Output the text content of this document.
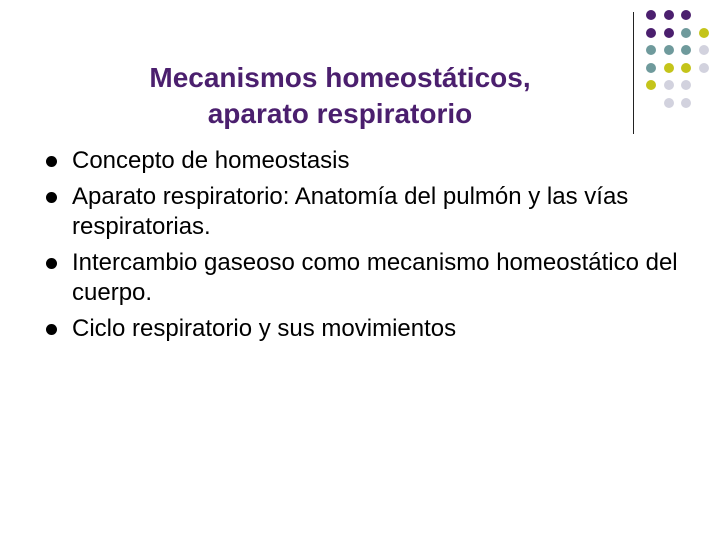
Mecanismos homeostáticos,
aparato respiratorio
Concepto de homeostasis
Aparato respiratorio: Anatomía del pulmón y las vías respiratorias.
Intercambio gaseoso como mecanismo homeostático del cuerpo.
Ciclo respiratorio y sus movimientos
